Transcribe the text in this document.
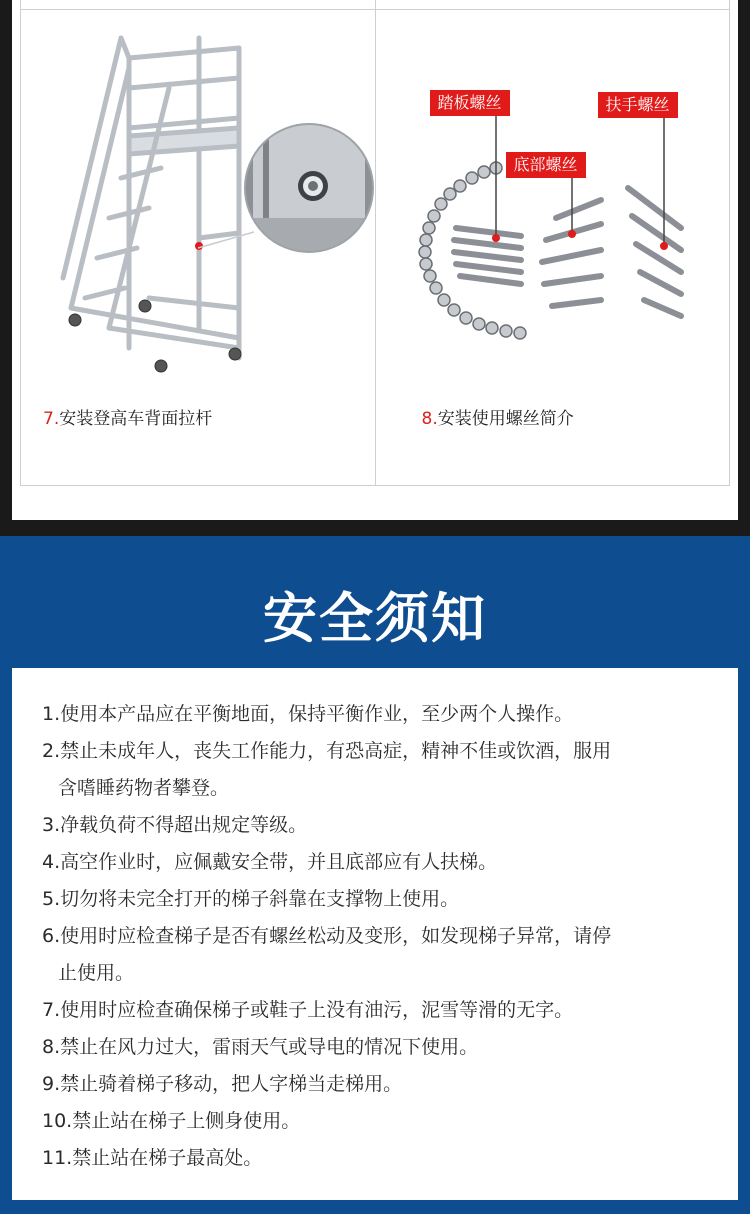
7.安装登高车背面拉杆
踏板螺丝
底部螺丝
扶手螺丝
8.安装使用螺丝简介
安全须知
1.使用本产品应在平衡地面，保持平衡作业，至少两个人操作。
2.禁止未成年人，丧失工作能力，有恐高症，精神不佳或饮酒，服用
含嗜睡药物者攀登。
3.净载负荷不得超出规定等级。
4.高空作业时，应佩戴安全带，并且底部应有人扶梯。
5.切勿将未完全打开的梯子斜靠在支撑物上使用。
6.使用时应检查梯子是否有螺丝松动及变形，如发现梯子异常，请停
止使用。
7.使用时应检查确保梯子或鞋子上没有油污，泥雪等滑的无字。
8.禁止在风力过大，雷雨天气或导电的情况下使用。
9.禁止骑着梯子移动，把人字梯当走梯用。
10.禁止站在梯子上侧身使用。
11.禁止站在梯子最高处。
